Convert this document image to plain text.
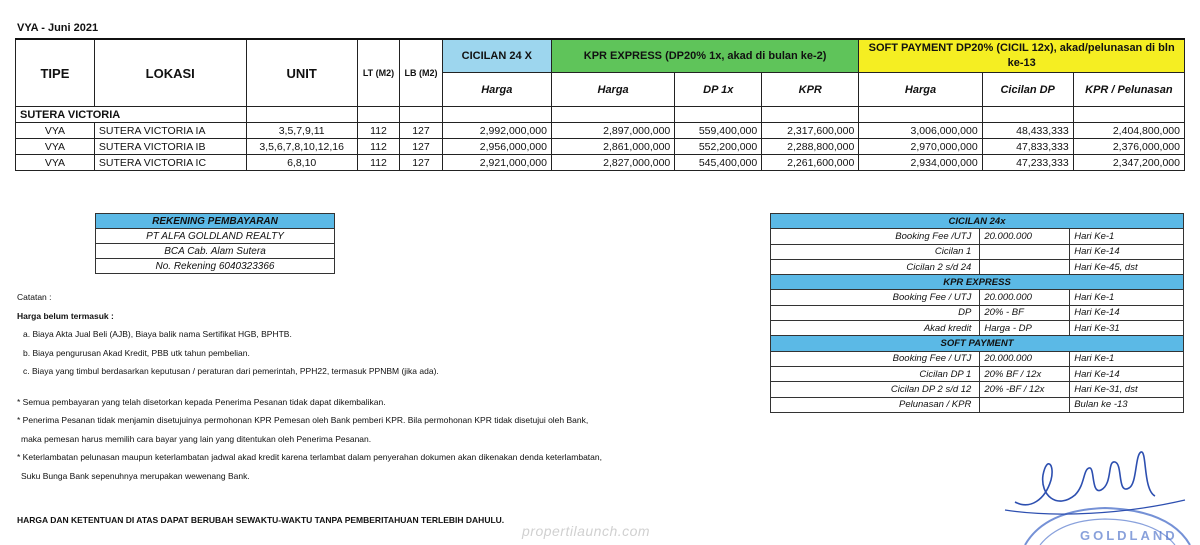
VYA - Juni 2021
TIPE	LOKASI	UNIT	LT (M2)	LB (M2)	CICILAN 24 X	KPR EXPRESS (DP20% 1x, akad di bulan ke-2)			SOFT PAYMENT DP20% (CICIL 12x), akad/pelunasan di bln ke-13		
					Harga	Harga	DP 1x	KPR	Harga	Cicilan DP	KPR / Pelunasan
SUTERA VICTORIA											
VYA	SUTERA VICTORIA IA	3,5,7,9,11	112	127	2,992,000,000	2,897,000,000	559,400,000	2,317,600,000	3,006,000,000	48,433,333	2,404,800,000
VYA	SUTERA VICTORIA IB	3,5,6,7,8,10,12,16	112	127	2,956,000,000	2,861,000,000	552,200,000	2,288,800,000	2,970,000,000	47,833,333	2,376,000,000
VYA	SUTERA VICTORIA IC	6,8,10	112	127	2,921,000,000	2,827,000,000	545,400,000	2,261,600,000	2,934,000,000	47,233,333	2,347,200,000
REKENING PEMBAYARAN
PT ALFA GOLDLAND REALTY
BCA Cab. Alam Sutera
No. Rekening 6040323366
Catatan :
Harga belum termasuk :
a. Biaya Akta Jual Beli (AJB), Biaya balik nama Sertifikat HGB, BPHTB.
b. Biaya pengurusan Akad Kredit, PBB utk tahun pembelian.
c. Biaya yang timbul berdasarkan keputusan / peraturan dari pemerintah, PPH22, termasuk PPNBM (jika ada).
* Semua pembayaran yang telah disetorkan kepada Penerima Pesanan tidak dapat dikembalikan.
* Penerima Pesanan tidak menjamin disetujuinya permohonan KPR Pemesan oleh Bank pemberi KPR. Bila permohonan KPR tidak disetujui oleh Bank,
maka pemesan harus memilih cara bayar yang lain yang ditentukan oleh Penerima Pesanan.
* Keterlambatan pelunasan maupun keterlambatan jadwal akad kredit karena terlambat dalam penyerahan dokumen akan dikenakan denda keterlambatan,
Suku Bunga Bank sepenuhnya merupakan wewenang Bank.
CICILAN 24x		
Booking Fee /UTJ	20.000.000	Hari Ke-1
Cicilan 1		Hari Ke-14
Cicilan 2 s/d 24		Hari Ke-45, dst
KPR EXPRESS		
Booking Fee / UTJ	20.000.000	Hari Ke-1
DP	20% - BF	Hari Ke-14
Akad kredit	Harga - DP	Hari Ke-31
SOFT PAYMENT		
Booking Fee / UTJ	20.000.000	Hari Ke-1
Cicilan DP 1	20% BF / 12x	Hari Ke-14
Cicilan DP 2 s/d 12	20% -BF / 12x	Hari Ke-31, dst
Pelunasan / KPR		Bulan ke -13
GOLDLAND
HARGA DAN KETENTUAN DI ATAS DAPAT BERUBAH SEWAKTU-WAKTU TANPA PEMBERITAHUAN TERLEBIH DAHULU.
propertilaunch.com
